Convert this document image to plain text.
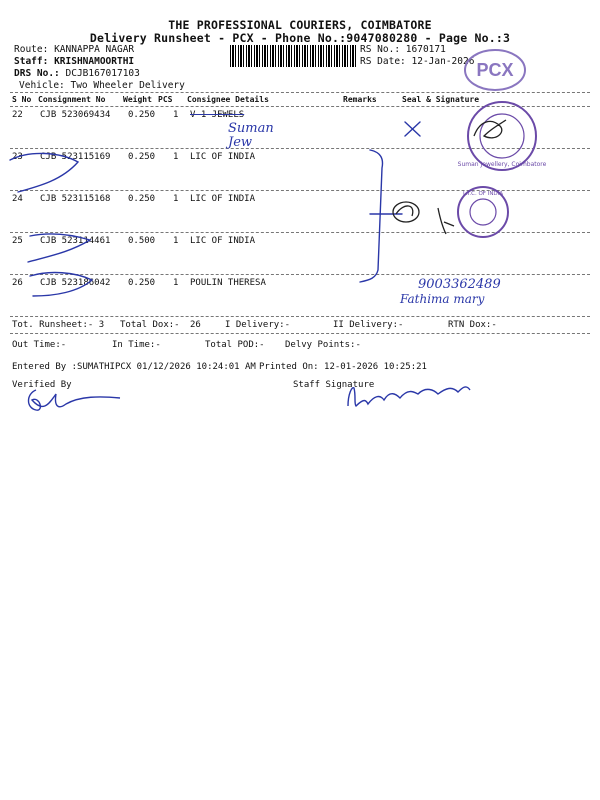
THE PROFESSIONAL COURIERS, COIMBATORE
Delivery Runsheet - PCX - Phone No.:9047080280 - Page No.:3
Route: KANNAPPA NAGAR
Staff: KRISHNAMOORTHI
DRS No.: DCJB167017103
Vehicle: Two Wheeler Delivery
RS No.: 1670171
RS Date: 12-Jan-2026 PCX
S No Consignment No Weight PCS Consignee Details	Remarks	Seal & Signature
22 CJB 523069434 0.250 1 V 1 JEWELS
23 CJB 523115169 0.250 1 LIC OF INDIA
24 CJB 523115168 0.250 1 LIC OF INDIA
25 CJB 523114461 0.500 1 LIC OF INDIA
26 CJB 523186042 0.250 1 POULIN THERESA
Tot. Runsheet:- 3 Total Dox:- 26	I Delivery:-	II Delivery:-	RTN Dox:-
Out Time:-	In Time:-	Total POD:- Delvy Points:-
Entered By :SUMATHIPCX 01/12/2026 10:24:01 AM Printed On: 12-01-2026 10:25:21
Verified By	Staff Signature
Suman Jew
9003362489
Fathima mary
Suman Jewellery, Coimbatore
L.I.C. OF INDIA
